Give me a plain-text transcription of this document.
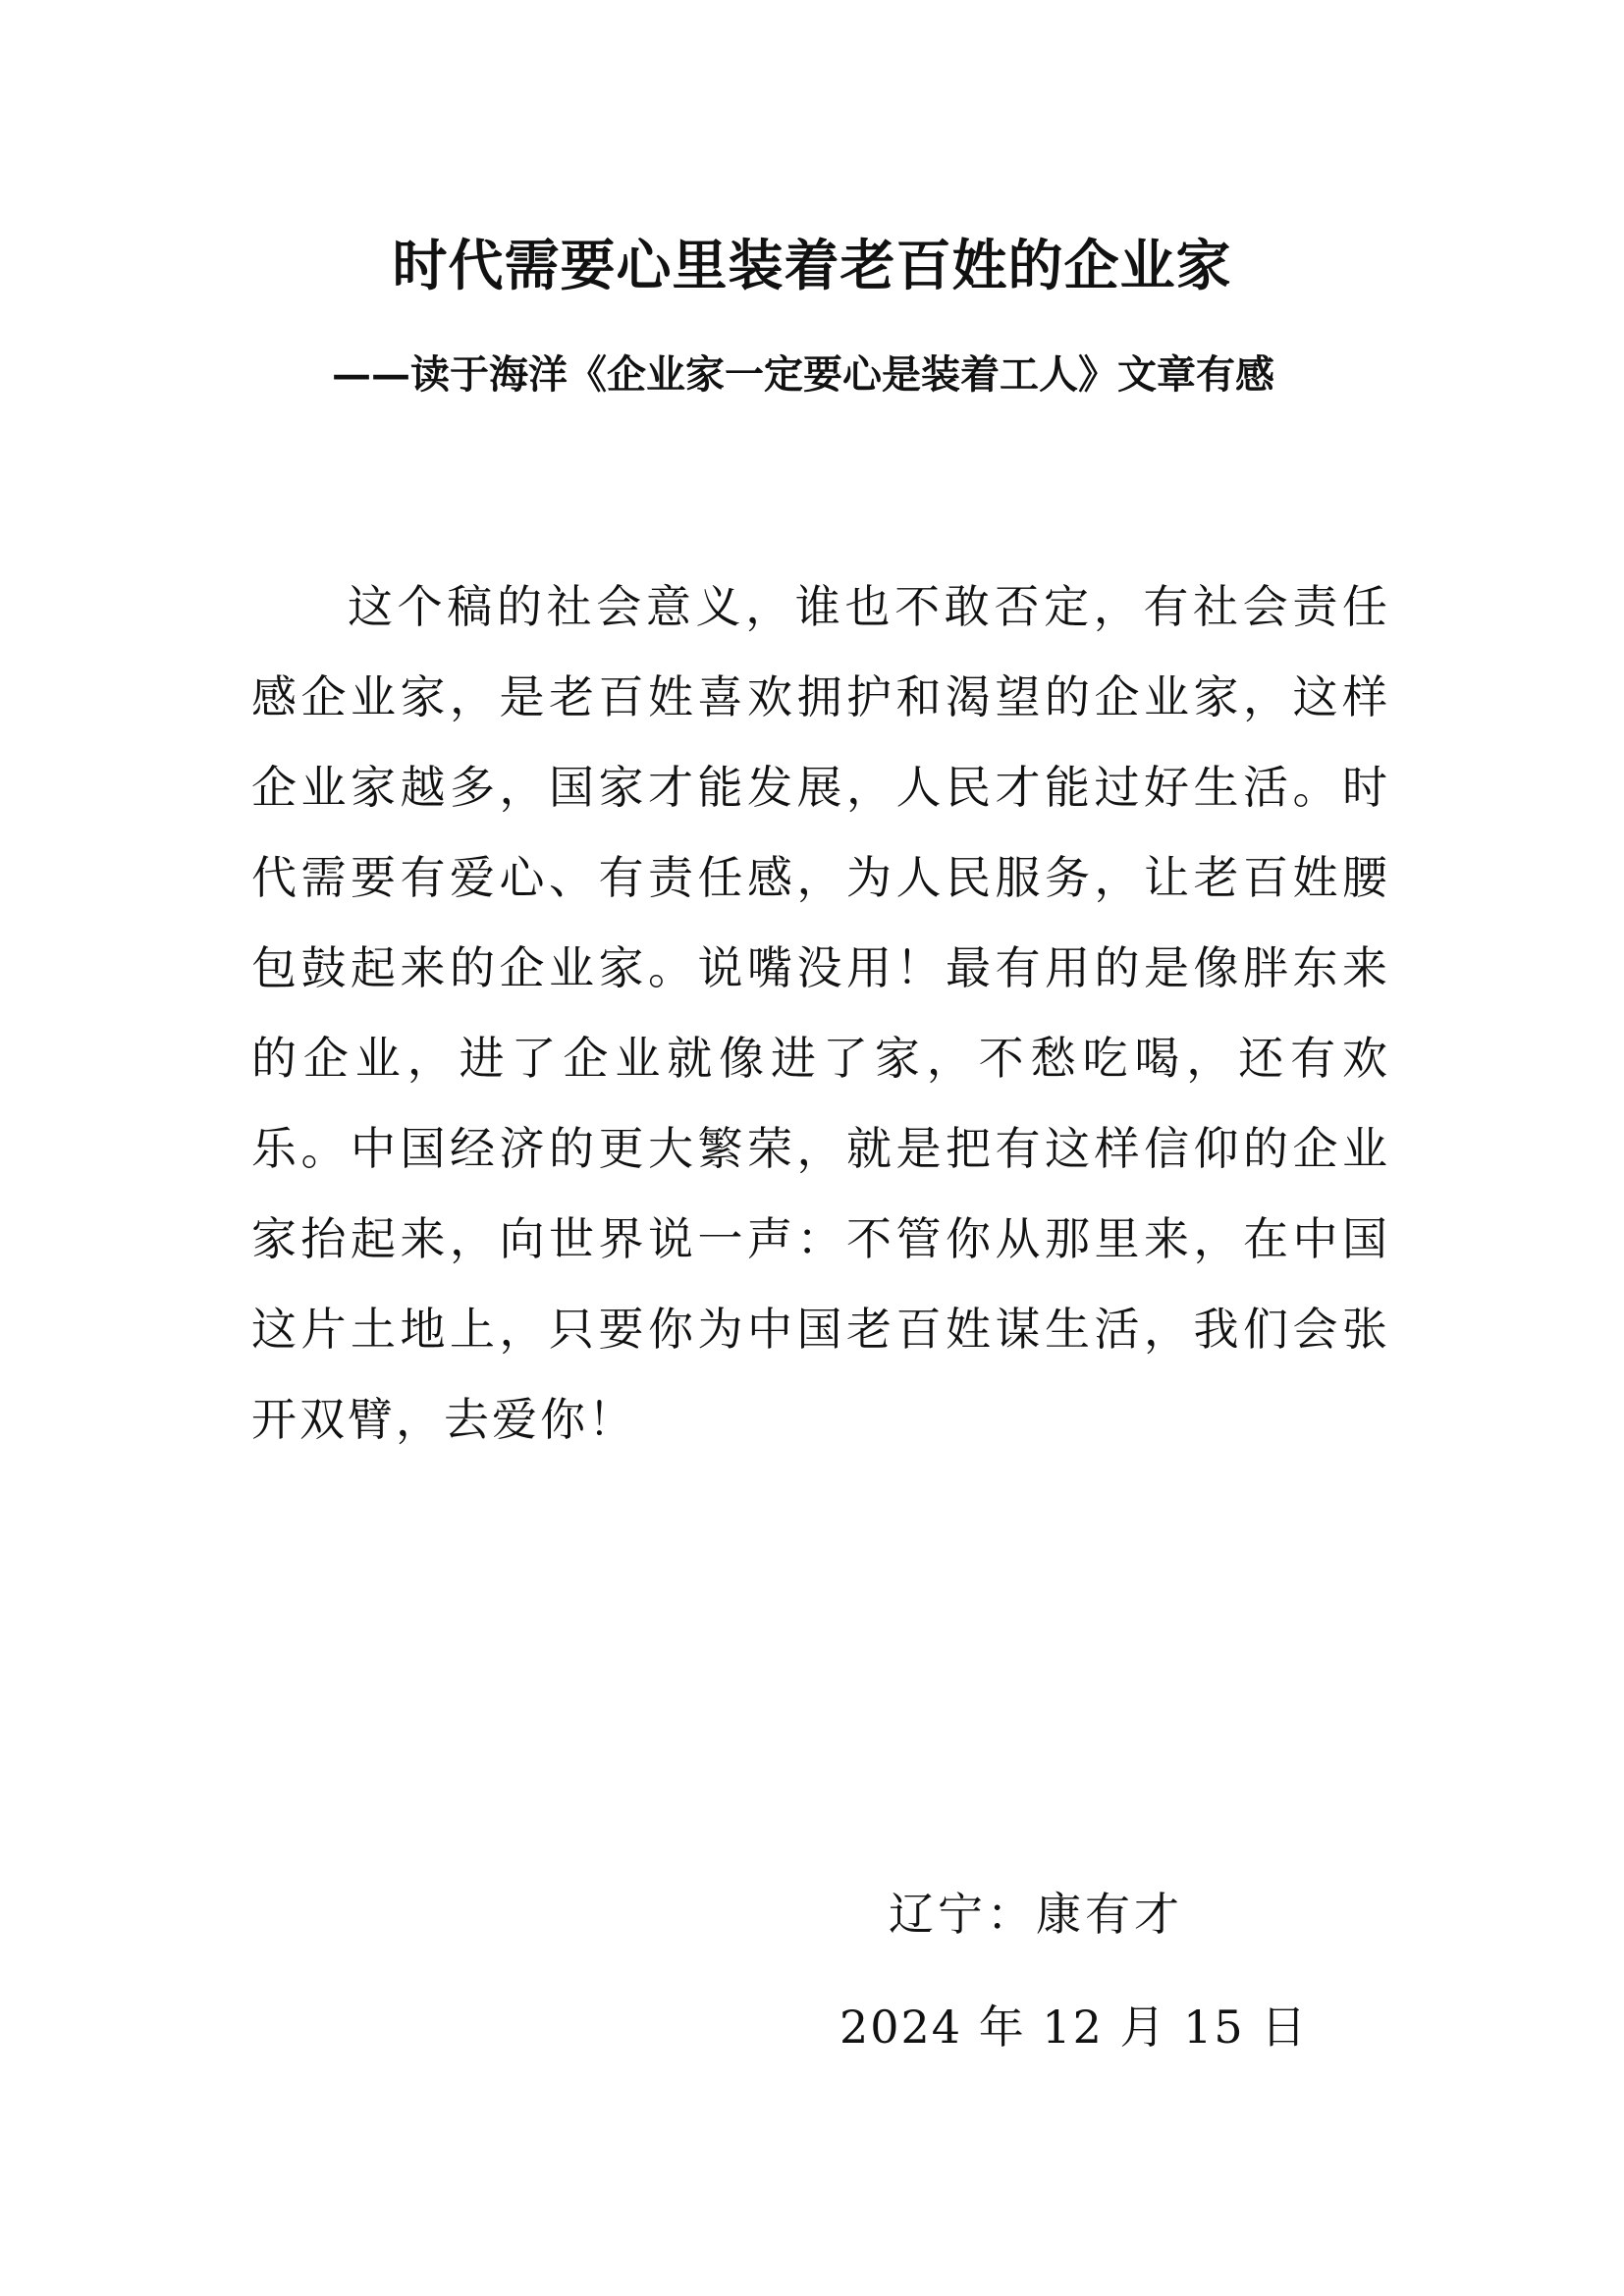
时代需要心里装着老百姓的企业家

——读于海洋《企业家一定要心是装着工人》文章有感

这个稿的社会意义，谁也不敢否定，有社会责任感企业家，是老百姓喜欢拥护和渴望的企业家，这样企业家越多，国家才能发展，人民才能过好生活。时代需要有爱心、有责任感，为人民服务，让老百姓腰包鼓起来的企业家。说嘴没用！最有用的是像胖东来的企业，进了企业就像进了家，不愁吃喝，还有欢乐。中国经济的更大繁荣，就是把有这样信仰的企业家抬起来，向世界说一声：不管你从那里来，在中国这片土地上，只要你为中国老百姓谋生活，我们会张开双臂，去爱你！

辽宁：康有才

2024 年 12 月 15 日
